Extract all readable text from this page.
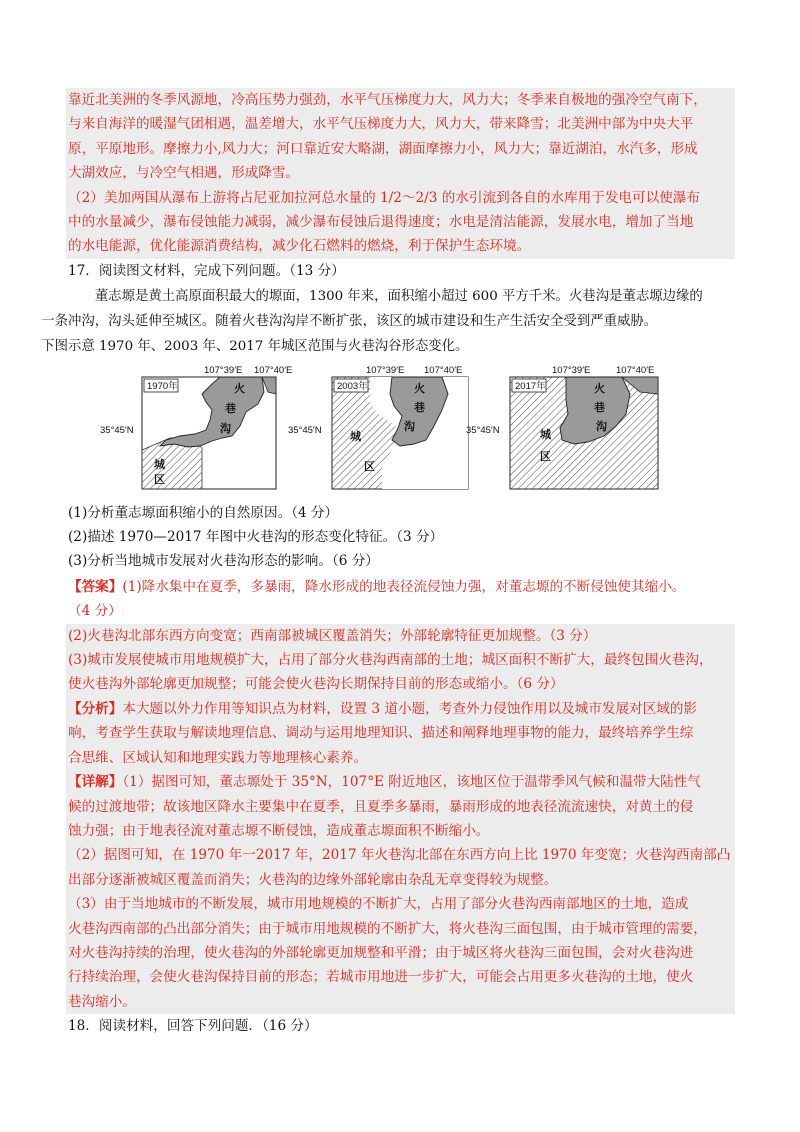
靠近北美洲的冬季风源地，冷高压势力强劲，水平气压梯度力大，风力大；冬季来自极地的强冷空气南下，

与来自海洋的暖湿气团相遇，温差增大，水平气压梯度力大，风力大，带来降雪；北美洲中部为中央大平

原，平原地形。摩擦力小,风力大；河口靠近安大略湖，湖面摩擦力小，风力大；靠近湖泊，水汽多，形成

大湖效应，与冷空气相遇，形成降雪。

（2）美加两国从瀑布上游将占尼亚加拉河总水量的 1/2～2/3 的水引流到各自的水库用于发电可以使瀑布

中的水量减少，瀑布侵蚀能力减弱，减少瀑布侵蚀后退得速度；水电是清洁能源，发展水电，增加了当地

的水电能源，优化能源消费结构，减少化石燃料的燃烧，利于保护生态环境。

17．阅读图文材料，完成下列问题。（13 分）

董志塬是黄土高原面积最大的塬面，1300 年来，面积缩小超过 600 平方千米。火巷沟是董志塬边缘的

一条冲沟，沟头延伸至城区。随着火巷沟沟岸不断扩张，该区的城市建设和生产生活安全受到严重威胁。

下图示意 1970 年、2003 年、2017 年城区范围与火巷沟谷形态变化。

107°39′E 107°40′E
1970年	火
巷
沟
城
区
35°45′N
107°39′E 107°40′E
2003年	火
巷
沟
城
区
35°45′N
107°39′E	107°40′E
2017年	火
巷
沟
城
区
35°45′N

(1)分析董志塬面积缩小的自然原因。（4 分）

(2)描述 1970—2017 年图中火巷沟的形态变化特征。（3 分）

(3)分析当地城市发展对火巷沟形态的影响。（6 分）

【答案】(1)降水集中在夏季，多暴雨，降水形成的地表径流侵蚀力强，对董志塬的不断侵蚀使其缩小。

（4 分）

(2)火巷沟北部东西方向变宽；西南部被城区覆盖消失；外部轮廓特征更加规整。（3 分）

(3)城市发展使城市用地规模扩大，占用了部分火巷沟西南部的土地；城区面积不断扩大，最终包围火巷沟，

使火巷沟外部轮廓更加规整；可能会使火巷沟长期保持目前的形态或缩小。（6 分）

【分析】本大题以外力作用等知识点为材料，设置 3 道小题，考查外力侵蚀作用以及城市发展对区域的影

响，考查学生获取与解读地理信息、调动与运用地理知识、描述和阐释地理事物的能力，最终培养学生综

合思维、区域认知和地理实践力等地理核心素养。

【详解】（1）据图可知，董志塬处于 35°N，107°E 附近地区，该地区位于温带季风气候和温带大陆性气

候的过渡地带；故该地区降水主要集中在夏季，且夏季多暴雨，暴雨形成的地表径流流速快，对黄土的侵

蚀力强；由于地表径流对董志塬不断侵蚀，造成董志塬面积不断缩小。

（2）据图可知，在 1970 年一2017 年，2017 年火巷沟北部在东西方向上比 1970 年变宽；火巷沟西南部凸

出部分逐渐被城区覆盖而消失；火巷沟的边缘外部轮廓由杂乱无章变得较为规整。

（3）由于当地城市的不断发展，城市用地规模的不断扩大，占用了部分火巷沟西南部地区的土地，造成

火巷沟西南部的凸出部分消失；由于城市用地规模的不断扩大，将火巷沟三面包围，由于城市管理的需要，

对火巷沟持续的治理，使火巷沟的外部轮廓更加规整和平滑；由于城区将火巷沟三面包围，会对火巷沟进

行持续治理，会使火巷沟保持目前的形态；若城市用地进一步扩大，可能会占用更多火巷沟的土地，使火

巷沟缩小。

18．阅读材料，回答下列问题．（16 分）
